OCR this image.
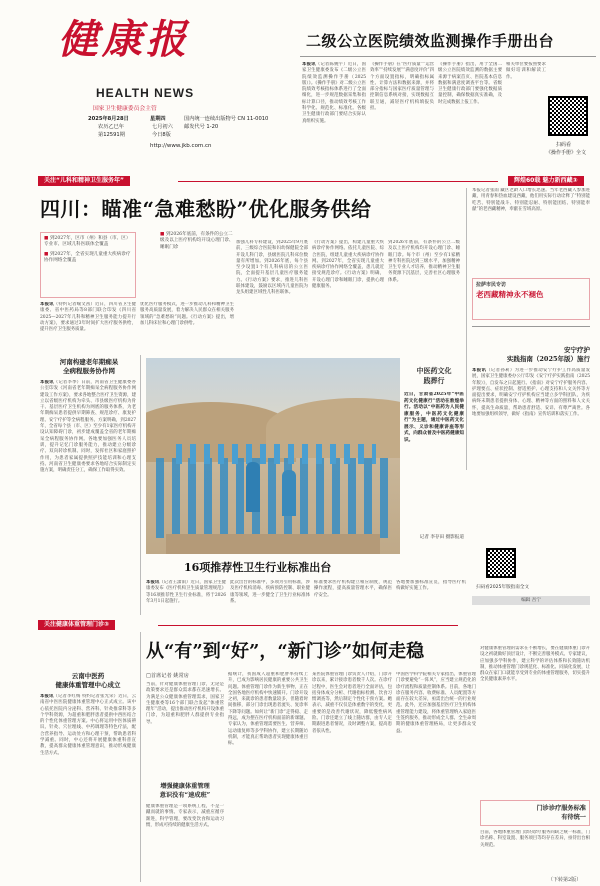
健康报
HEALTH NEWS
国家卫生健康委员会主管
2025年8月28日	星期四
农历乙巳年	七月初六
第12591期	今日8版
国内统一连续出版物号 CN 11-0010
邮发代号 1-20
http://www.jkb.com.cn
二级公立医院绩效监测操作手册出台
本报讯（记者陈婉宇）近日，国家卫生健康委发布《二级公立医院绩效监测操作手册（2025版）》。《操作手册》对二级公立医院绩效考核指标体系进行了全面细化，进一步规范数据采集和指标计算口径，推动绩效考核工作科学化、规范化、标准化。各级卫生健康行政部门要结合实际认真组织实施。
《操作手册》在“医疗质量”“运营效率”“持续发展”“满意度评价”四个方面设置指标，明确指标属性、计算方法和数据来源，并将部分指标与国家医疗质量管理与控制信息系统对接，实现数据互联互通，减轻医疗机构填报负担。
《操作手册》指出，用于全国二级公立医院绩效监测的数据主要来源于病案首页、医院基本信息数据和满意度调查平台等。省级卫生健康行政部门要强化数据质量控制，确保数据真实准确，及时完成数据上报工作。
相关单位要按照要求做好培训和解读工作。
扫码看
《操作手册》全文
关注“儿科和精神卫生服务年”	辉煌60载 魅力新西藏③
四川：瞄准“急难愁盼”优化服务供给
■ 到2027年，区市（州）和县（市、区）专业市、区域儿科医联体全覆盖
■ 到2027年，全省实现儿童重大疾病诊疗协作网络全覆盖
■ 到2026年底前，有条件的公立二级及以上医疗机构均开设心理门诊、睡眠门诊
本报讯（特约记者喻文茜）近日，四川省卫生健康委、省中医药局等8部门联合印发《四川省2025—2027年儿科和精神卫生服务能力提升行动方案》，要求通过3年时间扩大医疗服务供给，提升医疗卫生服务质量。
优化医疗服务模式，进一步推动儿科和精神卫生服务高质量发展，着力解决人民群众在相关服务领域的“急难愁盼”问题。《行动方案》提出，增加儿科床位和心理门诊供给。
加强儿科专科建设，到2025年9月底前，三级综合医院和妇幼保健院全部开设儿科门诊，县级医院儿科床位数量有所增加。到2026年底，每个县至少设置1个有儿科病房的公立医院，全面提升基层儿童医疗服务能力。《行动方案》要求，推进儿科医联体建设，鼓励以区域内儿童医院为龙头组建区域性儿科医联体。
《行动方案》提出，构建儿童重大疾病诊疗协作网络。依托儿童医院、综合医院，组建儿童重大疾病诊疗协作网。到2027年，全省实现儿童重大疾病诊疗协作网络全覆盖，患儿就近接受规范诊疗。《行动方案》明确，开设心理门诊和睡眠门诊，提供心理健康服务。
到2026年底前，有条件的公立二级及以上医疗机构均开设心理门诊、睡眠门诊。每个市（州）至少有1家精神专科医院达到三级水平，加强精神卫生专业人才培养，推动精神卫生服务资源下沉基层，完善社区心理服务体系。
本报记者张雨 藏区老龄人口增长迅速。当年老西藏人参加进藏，用青春和热血建设西藏，他们用实际行动诠释了“特别能吃苦、特别能战斗、特别能忍耐、特别能团结、特别能奉献”的老西藏精神，奉献在雪域高原。
拉萨市民专访
老西藏精神永不褪色
河南构建老年期痴呆
全病程服务协作网
本报讯（记者李季）日前，河南省卫生健康委办公室印发《河南省老年期痴呆全病程服务协作网建设工作方案》，要求各地整合医疗卫生资源，建立以省级医疗机构为牵头、市县级医疗机构为骨干、基层医疗卫生机构为网底的服务体系，为老年期痴呆患者提供早期筛查、规范诊疗、康复护理、安宁疗护等全病程服务。方案明确，到2027年，全省每个县（市、区）至少有1家医疗机构开设认知障碍门诊，初步建成覆盖全省的老年期痴呆全病程服务协作网。各地要加强医务人员培训，提升记忆门诊服务能力，推动建立分级诊疗、双向转诊机制。同时，发挥社区和家庭照护作用，为患者家属提供照护技能培训和心理支持。河南省卫生健康委要求各地结合实际制定实施方案，明确责任分工，确保工作取得实效。
中医药文化
践葬行
近日，甘肃省2025年“中医药文化健康行”活动在敦煌举行。活动以“中医药为人民健康服务，中医药文化健康行”为主题，通过中医药文化展示、义诊和健康讲座等形式，向群众普及中医药健康知识。
记者 李存田 摄影报道
安宁疗护
实践指南（2025年版）施行
本报讯（记者孙莉）为进一步推动安宁疗护工作高质量发展，国家卫生健康委办公厅印发《安宁疗护实践指南（2025年版）》，自发布之日起施行。《指南》对安宁疗护服务内容、护理要点、症状控制、舒适照护、心理支持和人文关怀等方面提出要求，明确安宁疗护机构应当建立多学科团队，为疾病终末期患者提供身体、心理、精神等方面的照料和人文关怀，提高生命质量，帮助患者舒适、安详、有尊严离世。各地要加强组织领导，做好《指南》宣传培训和落实工作。
扫码看2025年版指南全文
编辑 吾宁
16项推荐性卫生行业标准出台
本报讯（记者王潇雨）近日，国家卫生健康委发布《医疗机构卫生质量管理规范》等16项推荐性卫生行业标准，将于2026年3月1日起施行。
此次出台的标准中，多项为引用标准，涉及医疗机构消毒、疾病预防控制、职业健康等领域，进一步健全了卫生行业标准体系。
标准要求医疗机构建立相应制度，规范操作流程，提高质量管理水平，确保医疗安全。
各地要加强标准宣贯，指导医疗机构做好实施工作。
关注健康体重管理门诊③
从“有”到“好”，“新门诊”如何走稳
云南中医药
健康体重管理中心成立
本报讯（记者李红梅 特约记者张光荣）近日，云南省中医医院健康体重管理中心正式成立。该中心依托医院内分泌科、营养科、针灸推拿科等多个学科资源，为超重和肥胖患者提供中西医结合的个性化体重管理方案。中心将运用中医体质辨识、针灸、穴位埋线、中药调理等特色疗法，配合营养指导、运动处方和心理干预，帮助患者科学减重。同时，中心还将开展健康体重科普宣教，提高群众健康体重管理意识，推动形成健康生活方式。
□首席记者 姚常房
当前，针对健康体重管理门诊，无论是政策要求还是群众需求都在迅速增长。为满足公众健康体重管理需求，国家卫生健康委等16个部门联合发起“体重管理年”活动，提出推动医疗机构开设体重门诊，为超重和肥胖人群提供专业指导。
增强健康体重管理
意识没有“速成班”
健康体重管理是一项系统工程，不是一蹴而就的事情。专家表示，减重应循序渐进，科学管理，要改变饮食和运动习惯，形成可持续的健康生活方式。
据统计，我国成人超重和肥胖率持续上升，已成为影响居民健康的重要公共卫生问题。体重管理门诊作为新生事物，正在全国各地医疗机构中快速铺开。门诊开设之初，来就诊的患者数量较多，但随着时间推移，部分门诊出现患者流失、复诊率下降等问题。如何让“新门诊”走得稳、走得远，成为摆在医疗机构面前的新课题。专家认为，体重管理需要医生、营养师、运动康复师等多学科协作，建立长期随访机制，才能真正帮助患者实现健康体重目标。
某医院体重管理门诊负责人介绍，门诊开诊以来，累计接诊患者数千人次。在诊疗过程中，医生会对患者进行全面评估，包括身体成分分析、代谢指标检测、饮食习惯调查等，然后制定个性化干预方案。她表示，减重不仅仅是体重数字的变化，更重要的是改善代谢状况，降低慢性病风险。门诊还建立了线上随访群，由专人定期跟进患者情况，及时调整方案，提高患者依从性。
中国医学科学院相关专家指出，体重管理门诊要避免“一阵风”，应当建立规范化的诊疗流程和质量控制体系。目前，各地门诊在服务内容、收费标准、人员配置等方面存在较大差异，亟需出台统一的行业规范。此外，还应加强基层医疗卫生机构体重管理能力建设，将体重管理纳入家庭医生签约服务，推动形成全人群、全生命周期的健康体重管理格局，让更多群众受益。
对健康体重管理的需求在不断增长，要在健康体重门诊开设之初就做好顶层设计，不断完善服务模式。专家建议，应加强多学科协作，建立科学的评估体系和长效随访机制，推动体重管理门诊规范化、标准化、同质化发展，让群众在家门口就能享受到专业的体重管理服务，切实提升全民健康素养水平。
门诊诊疗服务标准
有待统一
目前，各地体重管理门诊的诊疗服务尚缺乏统一标准，门诊名称、科室设置、服务项目等均存在差异，亟待出台相关规范。
（下转第2版）
